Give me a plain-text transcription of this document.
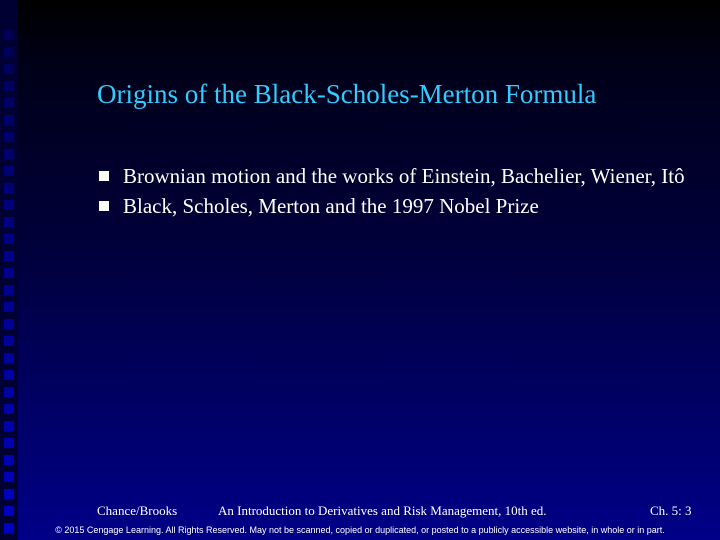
Origins of the Black-Scholes-Merton Formula
Brownian motion and the works of Einstein, Bachelier, Wiener, Itô
Black, Scholes, Merton and the 1997 Nobel Prize
Chance/Brooks	An Introduction to Derivatives and Risk Management, 10th ed.	Ch. 5: 3
© 2015 Cengage Learning. All Rights Reserved. May not be scanned, copied or duplicated, or posted to a publicly accessible website, in whole or in part.
